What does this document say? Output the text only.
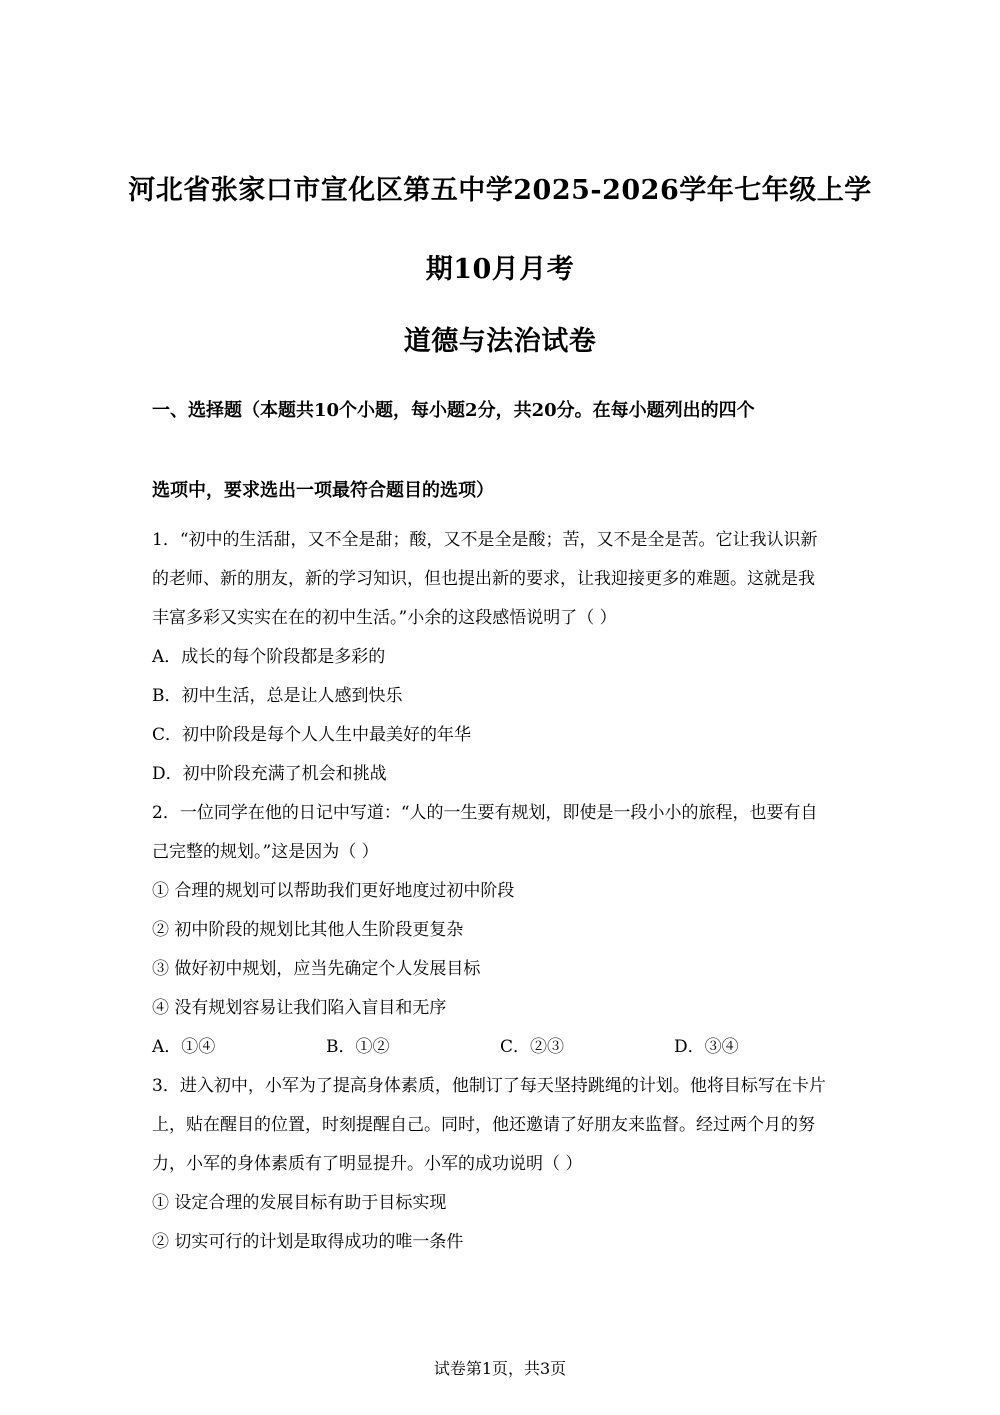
河北省张家口市宣化区第五中学2025-2026学年七年级上学
期10月月考
道德与法治试卷
一、选择题（本题共10个小题，每小题2分，共20分。在每小题列出的四个
选项中，要求选出一项最符合题目的选项）
1．“初中的生活甜，又不全是甜；酸，又不是全是酸；苦，又不是全是苦。它让我认识新
的老师、新的朋友，新的学习知识，但也提出新的要求，让我迎接更多的难题。这就是我
丰富多彩又实实在在的初中生活。”小余的这段感悟说明了（ ）
A．成长的每个阶段都是多彩的
B．初中生活，总是让人感到快乐
C．初中阶段是每个人人生中最美好的年华
D．初中阶段充满了机会和挑战
2．一位同学在他的日记中写道：“人的一生要有规划，即使是一段小小的旅程，也要有自
己完整的规划。”这是因为（ ）
① 合理的规划可以帮助我们更好地度过初中阶段
② 初中阶段的规划比其他人生阶段更复杂
③ 做好初中规划，应当先确定个人发展目标
④ 没有规划容易让我们陷入盲目和无序
A．①④	B．①②	C．②③	D．③④
3．进入初中，小军为了提高身体素质，他制订了每天坚持跳绳的计划。他将目标写在卡片
上，贴在醒目的位置，时刻提醒自己。同时，他还邀请了好朋友来监督。经过两个月的努
力，小军的身体素质有了明显提升。小军的成功说明（ ）
① 设定合理的发展目标有助于目标实现
② 切实可行的计划是取得成功的唯一条件
试卷第1页，共3页
